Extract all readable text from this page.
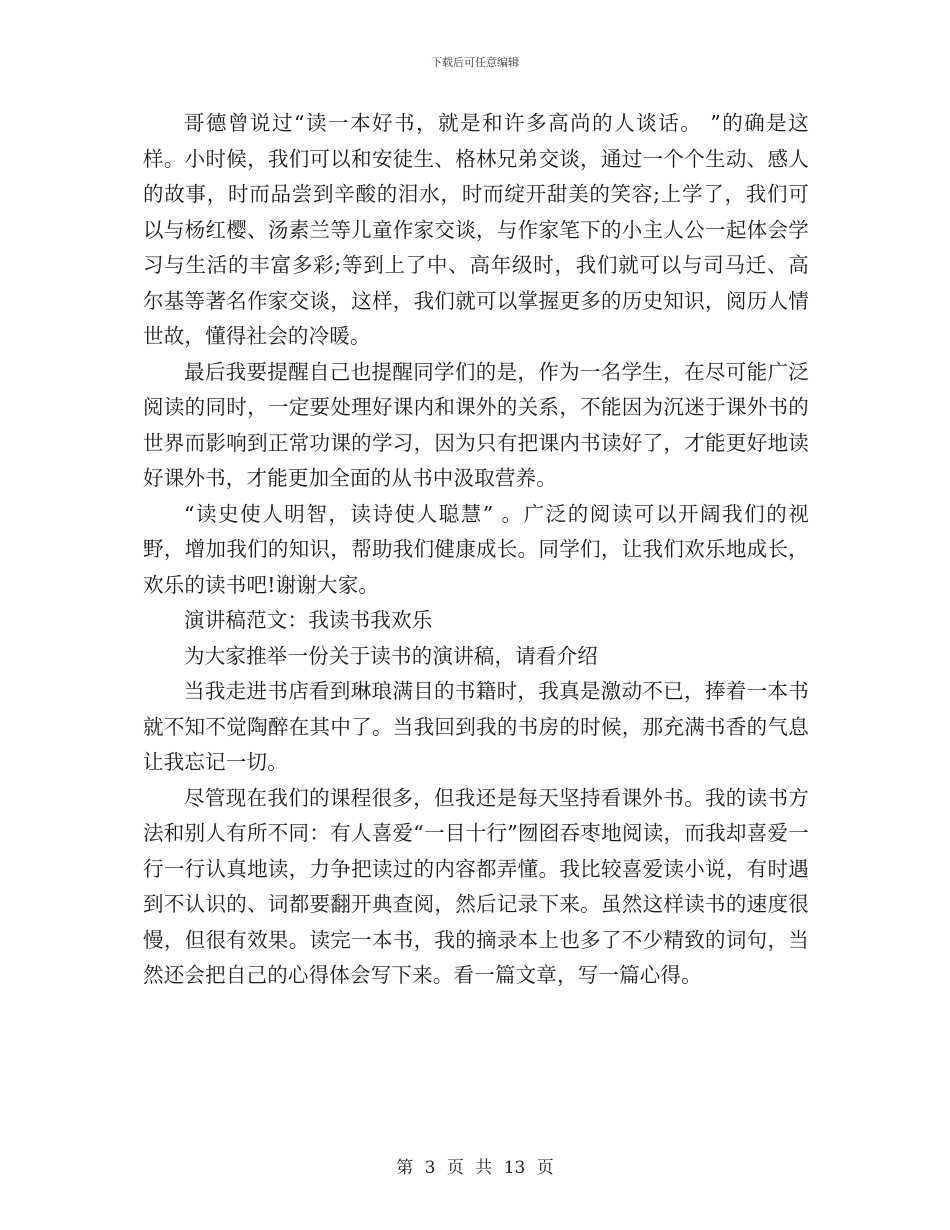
下载后可任意编辑

哥德曾说过“读一本好书，就是和许多高尚的人谈话。 ”的确是这样。小时候，我们可以和安徒生、格林兄弟交谈，通过一个个生动、感人的故事，时而品尝到辛酸的泪水，时而绽开甜美的笑容;上学了，我们可以与杨红樱、汤素兰等儿童作家交谈，与作家笔下的小主人公一起体会学习与生活的丰富多彩;等到上了中、高年级时，我们就可以与司马迁、高尔基等著名作家交谈，这样，我们就可以掌握更多的历史知识，阅历人情世故，懂得社会的冷暖。

最后我要提醒自己也提醒同学们的是，作为一名学生，在尽可能广泛阅读的同时，一定要处理好课内和课外的关系，不能因为沉迷于课外书的世界而影响到正常功课的学习，因为只有把课内书读好了，才能更好地读好课外书，才能更加全面的从书中汲取营养。

“读史使人明智，读诗使人聪慧” 。广泛的阅读可以开阔我们的视野，增加我们的知识，帮助我们健康成长。同学们，让我们欢乐地成长，欢乐的读书吧!谢谢大家。

演讲稿范文：我读书我欢乐

为大家推举一份关于读书的演讲稿，请看介绍

当我走进书店看到琳琅满目的书籍时，我真是激动不已，捧着一本书就不知不觉陶醉在其中了。当我回到我的书房的时候，那充满书香的气息让我忘记一切。

尽管现在我们的课程很多，但我还是每天坚持看课外书。我的读书方法和别人有所不同：有人喜爱“一目十行”囫囵吞枣地阅读，而我却喜爱一行一行认真地读，力争把读过的内容都弄懂。我比较喜爱读小说，有时遇到不认识的、词都要翻开典查阅，然后记录下来。虽然这样读书的速度很慢，但很有效果。读完一本书，我的摘录本上也多了不少精致的词句，当然还会把自己的心得体会写下来。看一篇文章，写一篇心得。

第 3 页 共 13 页
